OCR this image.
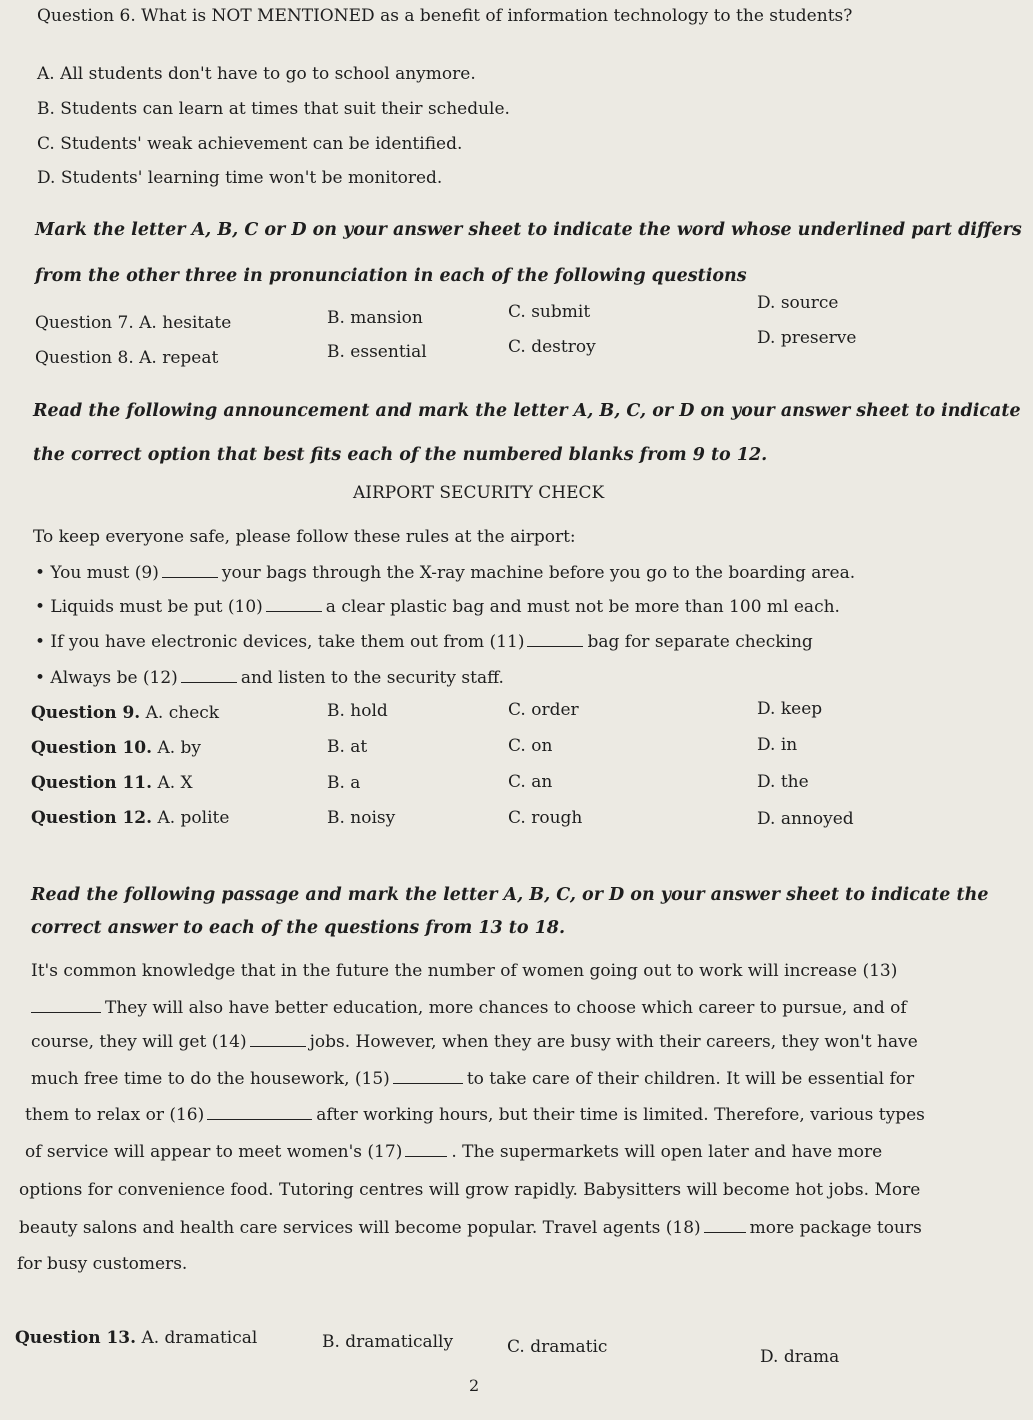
Question 6. What is NOT MENTIONED as a benefit of information technology to the students?
A. All students don't have to go to school anymore.
B. Students can learn at times that suit their schedule.
C. Students' weak achievement can be identified.
D. Students' learning time won't be monitored.
Mark the letter A, B, C or D on your answer sheet to indicate the word whose underlined part differs
from the other three in pronunciation in each of the following questions
Question 7. A. hesitate	B. mansion	C. submit	D. source
Question 8. A. repeat	B. essential	C. destroy	D. preserve
Read the following announcement and mark the letter A, B, C, or D on your answer sheet to indicate
the correct option that best fits each of the numbered blanks from 9 to 12.
AIRPORT SECURITY CHECK
To keep everyone safe, please follow these rules at the airport:
• You must (9)	your bags through the X-ray machine before you go to the boarding area.
• Liquids must be put (10)	a clear plastic bag and must not be more than 100 ml each.
• If you have electronic devices, take them out from (11)	bag for separate checking
• Always be (12)	and listen to the security staff.
Question 9. A. check	B. hold	C. order	D. keep
Question 10. A. by	B. at	C. on	D. in
Question 11. A. X	B. a	C. an	D. the
Question 12. A. polite	B. noisy	C. rough	D. annoyed
Read the following passage and mark the letter A, B, C, or D on your answer sheet to indicate the
correct answer to each of the questions from 13 to 18.
It's common knowledge that in the future the number of women going out to work will increase (13)
They will also have better education, more chances to choose which career to pursue, and of
course, they will get (14)	jobs. However, when they are busy with their careers, they won't have
much free time to do the housework, (15)	to take care of their children. It will be essential for
them to relax or (16)	after working hours, but their time is limited. Therefore, various types
of service will appear to meet women's (17)	. The supermarkets will open later and have more
options for convenience food. Tutoring centres will grow rapidly. Babysitters will become hot jobs. More
beauty salons and health care services will become popular. Travel agents (18)	more package tours
for busy customers.
Question 13. A. dramatical	B. dramatically	C. dramatic	D. drama
2
